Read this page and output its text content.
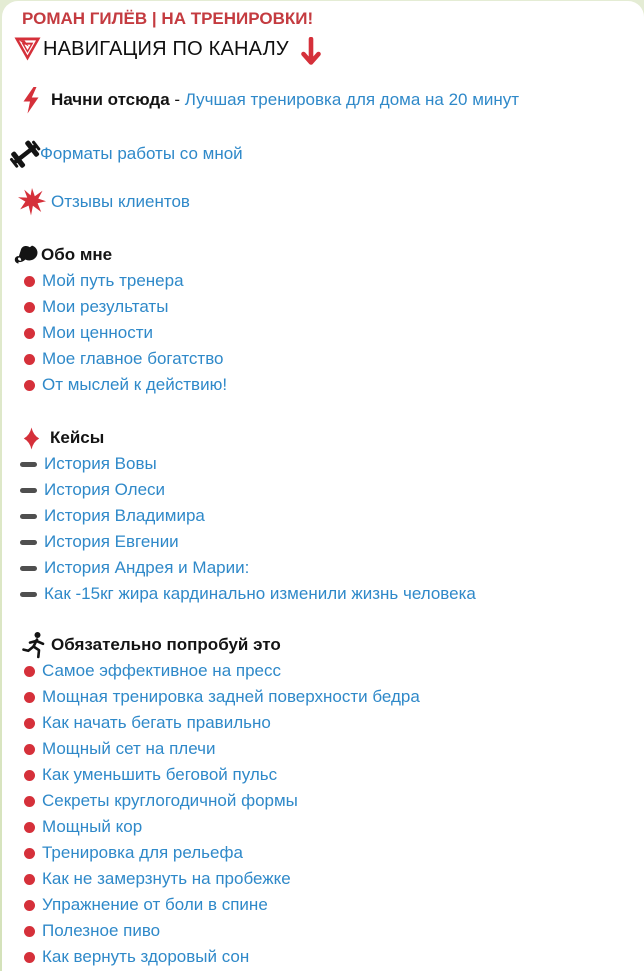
РОМАН ГИЛЁВ | НА ТРЕНИРОВКИ!
НАВИГАЦИЯ ПО КАНАЛУ
Начни отсюда - Лучшая тренировка для дома на 20 минут
Форматы работы со мной
Отзывы клиентов
Обо мне
Мой путь тренера
Мои результаты
Мои ценности
Мое главное богатство
От мыслей к действию!
Кейсы
История Вовы
История Олеси
История Владимира
История Евгении
История Андрея и Марии:
Как -15кг жира кардинально изменили жизнь человека
Обязательно попробуй это
Самое эффективное на пресс
Мощная тренировка задней поверхности бедра
Как начать бегать правильно
Мощный сет на плечи
Как уменьшить беговой пульс
Секреты круглогодичной формы
Мощный кор
Тренировка для рельефа
Как не замерзнуть на пробежке
Упражнение от боли в спине
Полезное пиво
Как вернуть здоровый сон
